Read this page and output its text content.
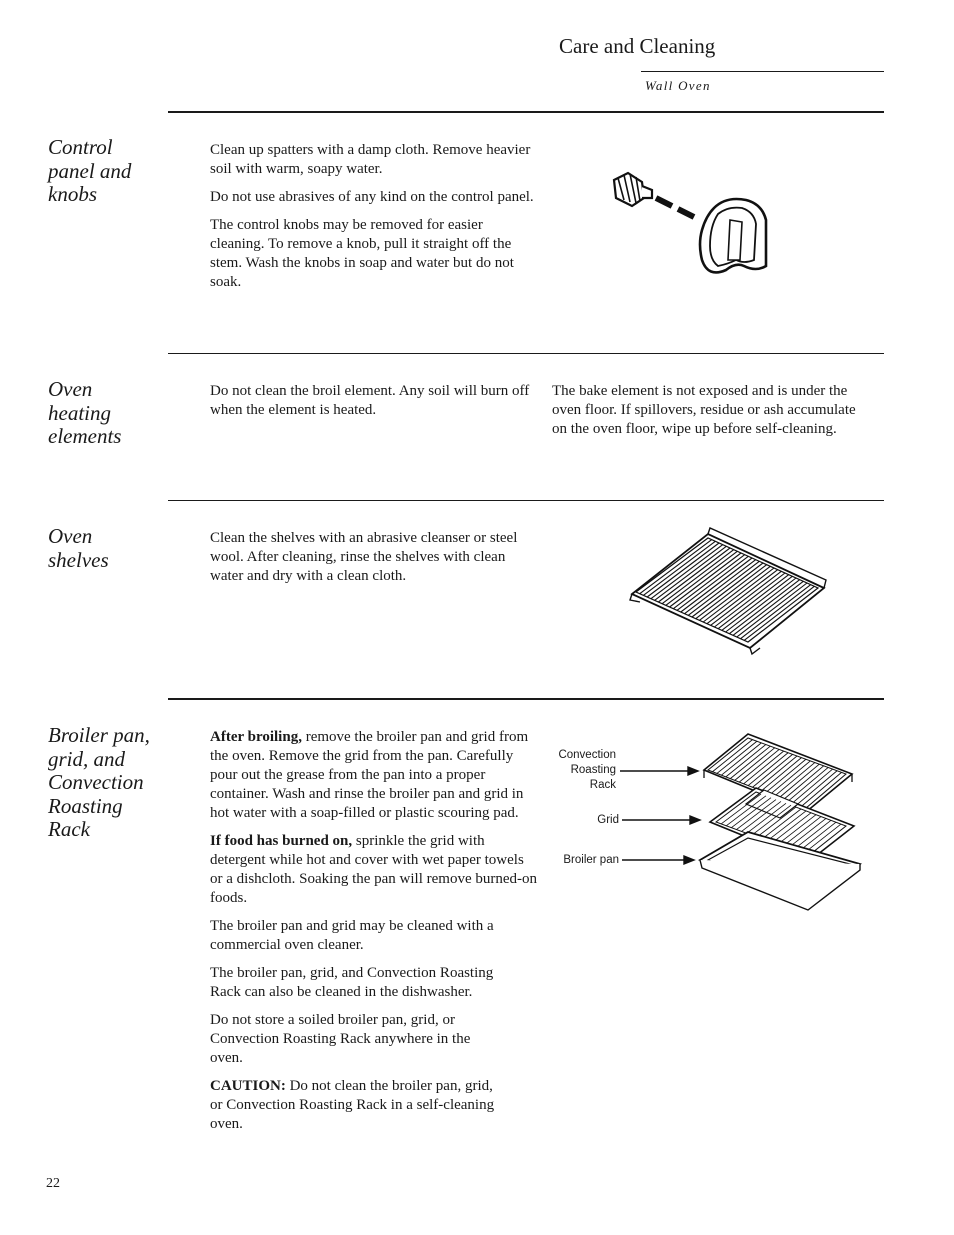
Care and Cleaning
Wall Oven
Control
panel and
knobs

Clean up spatters with a damp cloth. Remove heavier soil with warm, soapy water.

Do not use abrasives of any kind on the control panel.

The control knobs may be removed for easier cleaning. To remove a knob, pull it straight off the stem. Wash the knobs in soap and water but do not soak.

Oven
heating
elements

Do not clean the broil element. Any soil will burn off when the element is heated.

The bake element is not exposed and is under the oven floor. If spillovers, residue or ash accumulate on the oven floor, wipe up before self-cleaning.

Oven
shelves

Clean the shelves with an abrasive cleanser or steel wool. After cleaning, rinse the shelves with clean water and dry with a clean cloth.

Broiler pan,
grid, and
Convection
Roasting
Rack

After broiling, remove the broiler pan and grid from the oven. Remove the grid from the pan. Carefully pour out the grease from the pan into a proper container. Wash and rinse the broiler pan and grid in hot water with a soap-filled or plastic scouring pad.

If food has burned on, sprinkle the grid with detergent while hot and cover with wet paper towels or a dishcloth. Soaking the pan will remove burned-on foods.

The broiler pan and grid may be cleaned with a commercial oven cleaner.

The broiler pan, grid, and Convection Roasting Rack can also be cleaned in the dishwasher.

Do not store a soiled broiler pan, grid, or Convection Roasting Rack anywhere in the oven.

CAUTION: Do not clean the broiler pan, grid, or Convection Roasting Rack in a self-cleaning oven.

Convection
Roasting
Rack
Grid
Broiler pan
22
